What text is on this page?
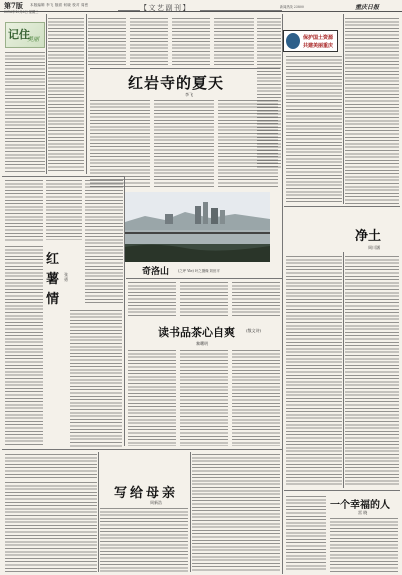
第7版 本版编辑 李飞 版面 何晓 校对 周密
2016年10月6日 星期三	【文艺副刊】	新闻热线 23800	重庆日报
记住
美丽	保护国土资源
共建美丽重庆
红岩寺的夏天
李飞
净土
周川涵
红薯情
张勇
奇洛山	(之坪 Yle) 叶之摄像 刘世平
读书品茶心自爽	(散文诗)
黎曙明
写给母亲
周新浩	一个幸福的人
雷 晓
